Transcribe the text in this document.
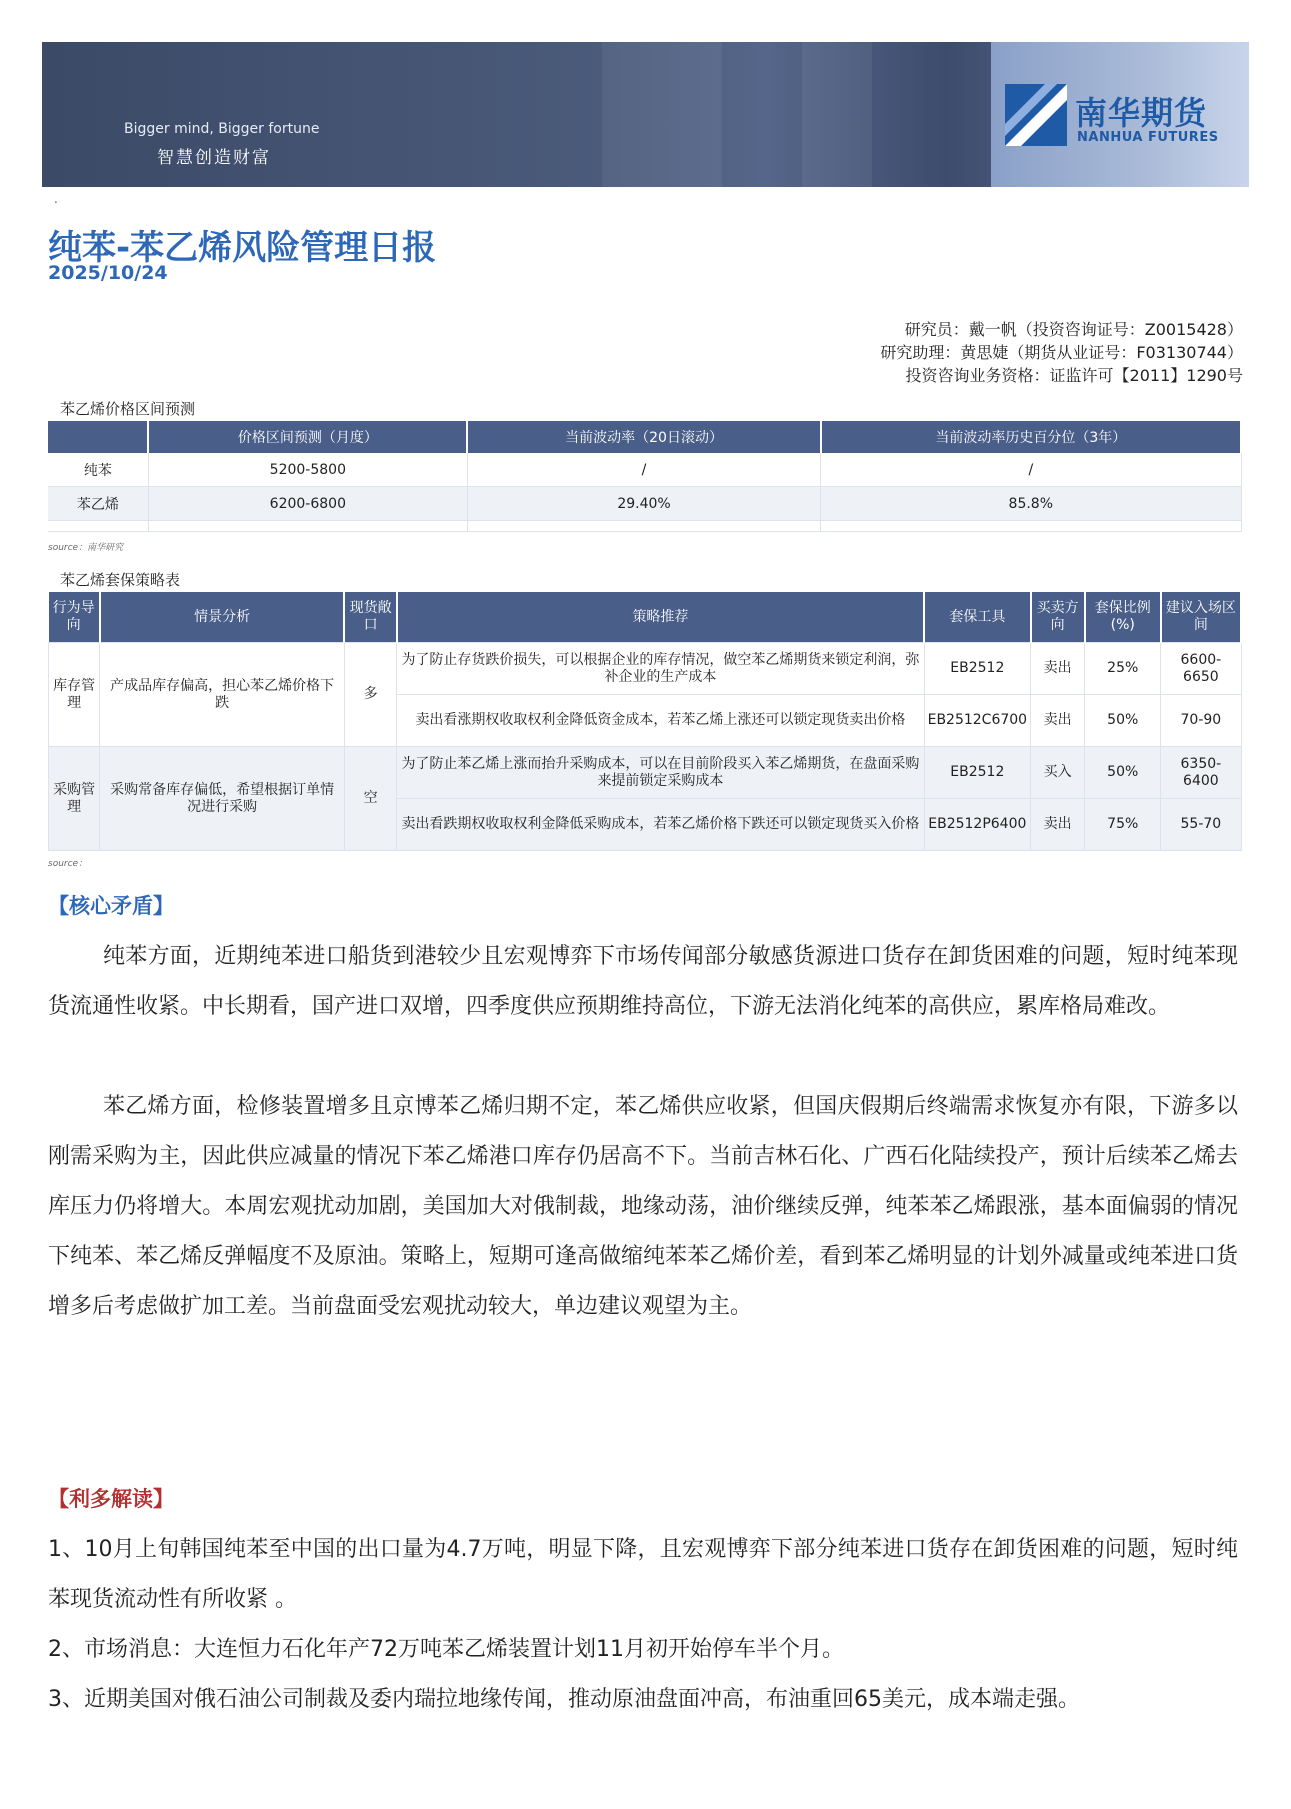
Bigger mind, Bigger fortune
智慧创造财富
南华期货
NANHUA FUTURES
.
纯苯-苯乙烯风险管理日报
2025/10/24
研究员：戴一帆（投资咨询证号：Z0015428）
研究助理：黄思婕（期货从业证号：F03130744）
投资咨询业务资格：证监许可【2011】1290号
苯乙烯价格区间预测
	价格区间预测（月度）	当前波动率（20日滚动）	当前波动率历史百分位（3年）
纯苯	5200-5800	/	/
苯乙烯	6200-6800	29.40%	85.8%

source：南华研究
苯乙烯套保策略表
行为导向	情景分析	现货敞口	策略推荐	套保工具	买卖方向	套保比例(%)	建议入场区间
库存管理	产成品库存偏高，担心苯乙烯价格下跌	多	为了防止存货跌价损失，可以根据企业的库存情况，做空苯乙烯期货来锁定利润，弥补企业的生产成本	EB2512	卖出	25%	6600-6650
			卖出看涨期权收取权利金降低资金成本，若苯乙烯上涨还可以锁定现货卖出价格	EB2512C6700	卖出	50%	70-90
采购管理	采购常备库存偏低，希望根据订单情况进行采购	空	为了防止苯乙烯上涨而抬升采购成本，可以在目前阶段买入苯乙烯期货，在盘面采购来提前锁定采购成本	EB2512	买入	50%	6350-6400
			卖出看跌期权收取权利金降低采购成本，若苯乙烯价格下跌还可以锁定现货买入价格	EB2512P6400	卖出	75%	55-70
source：
【核心矛盾】

纯苯方面，近期纯苯进口船货到港较少且宏观博弈下市场传闻部分敏感货源进口货存在卸货困难的问题，短时纯苯现货流通性收紧。中长期看，国产进口双增，四季度供应预期维持高位，下游无法消化纯苯的高供应，累库格局难改。

苯乙烯方面，检修装置增多且京博苯乙烯归期不定，苯乙烯供应收紧，但国庆假期后终端需求恢复亦有限，下游多以刚需采购为主，因此供应减量的情况下苯乙烯港口库存仍居高不下。当前吉林石化、广西石化陆续投产，预计后续苯乙烯去库压力仍将增大。本周宏观扰动加剧，美国加大对俄制裁，地缘动荡，油价继续反弹，纯苯苯乙烯跟涨，基本面偏弱的情况下纯苯、苯乙烯反弹幅度不及原油。策略上，短期可逢高做缩纯苯苯乙烯价差，看到苯乙烯明显的计划外减量或纯苯进口货增多后考虑做扩加工差。当前盘面受宏观扰动较大，单边建议观望为主。

【利多解读】

1、10月上旬韩国纯苯至中国的出口量为4.7万吨，明显下降，且宏观博弈下部分纯苯进口货存在卸货困难的问题，短时纯苯现货流动性有所收紧 。

2、市场消息：大连恒力石化年产72万吨苯乙烯装置计划11月初开始停车半个月。

3、近期美国对俄石油公司制裁及委内瑞拉地缘传闻，推动原油盘面冲高，布油重回65美元，成本端走强。
